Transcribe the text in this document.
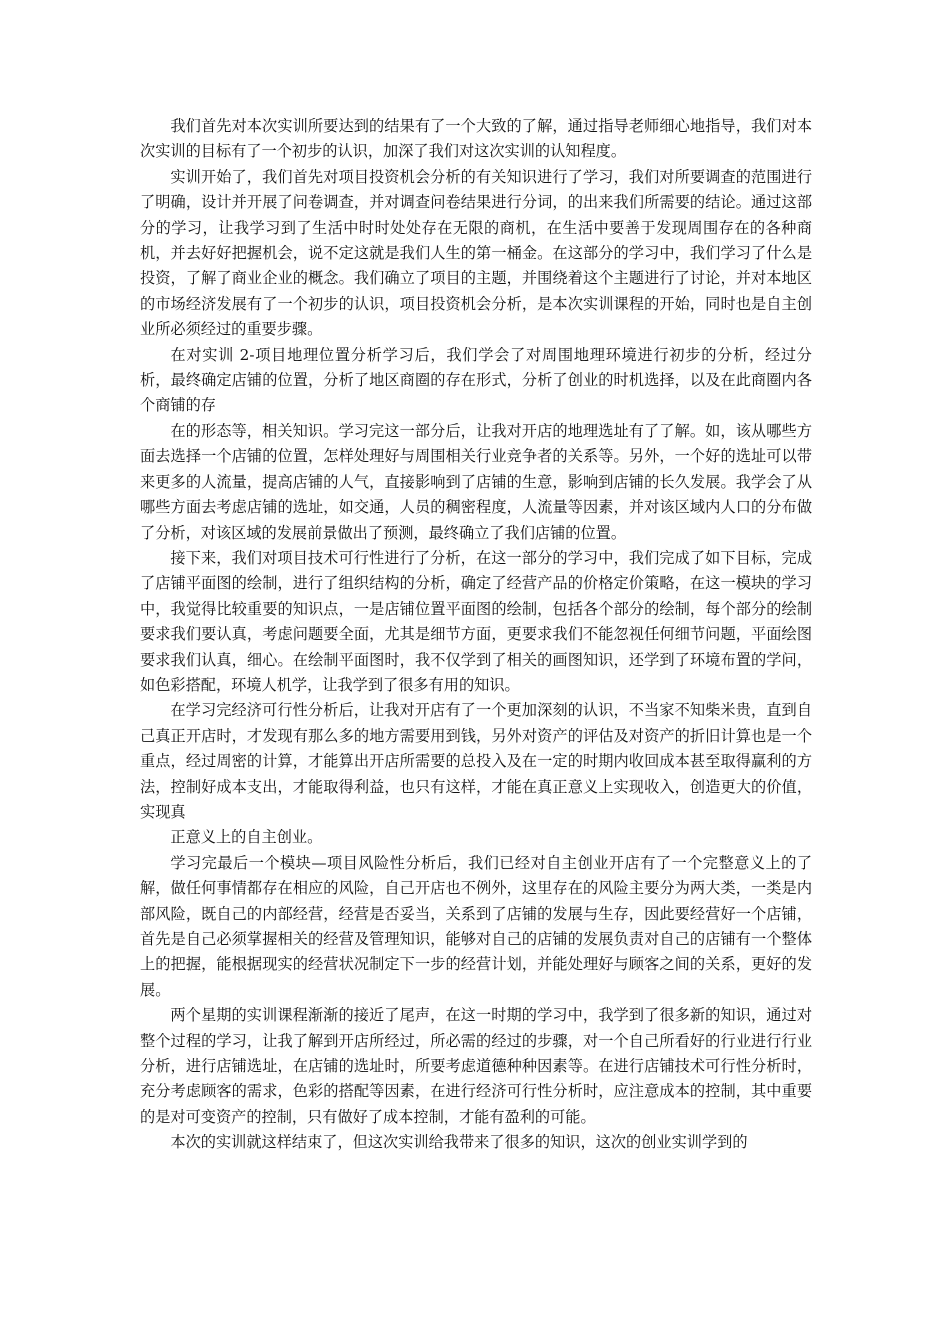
我们首先对本次实训所要达到的结果有了一个大致的了解，通过指导老师细心地指导，我们对本次实训的目标有了一个初步的认识，加深了我们对这次实训的认知程度。

实训开始了，我们首先对项目投资机会分析的有关知识进行了学习，我们对所要调查的范围进行了明确，设计并开展了问卷调查，并对调查问卷结果进行分词，的出来我们所需要的结论。通过这部分的学习，让我学习到了生活中时时处处存在无限的商机，在生活中要善于发现周围存在的各种商机，并去好好把握机会，说不定这就是我们人生的第一桶金。在这部分的学习中，我们学习了什么是投资，了解了商业企业的概念。我们确立了项目的主题，并围绕着这个主题进行了讨论，并对本地区的市场经济发展有了一个初步的认识，项目投资机会分析，是本次实训课程的开始，同时也是自主创业所必须经过的重要步骤。

在对实训 2-项目地理位置分析学习后，我们学会了对周围地理环境进行初步的分析，经过分析，最终确定店铺的位置，分析了地区商圈的存在形式，分析了创业的时机选择，以及在此商圈内各个商铺的存

在的形态等，相关知识。学习完这一部分后，让我对开店的地理选址有了了解。如，该从哪些方面去选择一个店铺的位置，怎样处理好与周围相关行业竞争者的关系等。另外，一个好的选址可以带来更多的人流量，提高店铺的人气，直接影响到了店铺的生意，影响到店铺的长久发展。我学会了从哪些方面去考虑店铺的选址，如交通，人员的稠密程度，人流量等因素，并对该区域内人口的分布做了分析，对该区域的发展前景做出了预测，最终确立了我们店铺的位置。

接下来，我们对项目技术可行性进行了分析，在这一部分的学习中，我们完成了如下目标，完成了店铺平面图的绘制，进行了组织结构的分析，确定了经营产品的价格定价策略，在这一模块的学习中，我觉得比较重要的知识点，一是店铺位置平面图的绘制，包括各个部分的绘制，每个部分的绘制要求我们要认真，考虑问题要全面，尤其是细节方面，更要求我们不能忽视任何细节问题，平面绘图要求我们认真，细心。在绘制平面图时，我不仅学到了相关的画图知识，还学到了环境布置的学问，如色彩搭配，环境人机学，让我学到了很多有用的知识。

在学习完经济可行性分析后，让我对开店有了一个更加深刻的认识，不当家不知柴米贵，直到自己真正开店时，才发现有那么多的地方需要用到钱，另外对资产的评估及对资产的折旧计算也是一个重点，经过周密的计算，才能算出开店所需要的总投入及在一定的时期内收回成本甚至取得赢利的方法，控制好成本支出，才能取得利益，也只有这样，才能在真正意义上实现收入，创造更大的价值，实现真

正意义上的自主创业。

学习完最后一个模块—项目风险性分析后，我们已经对自主创业开店有了一个完整意义上的了解，做任何事情都存在相应的风险，自己开店也不例外，这里存在的风险主要分为两大类，一类是内部风险，既自己的内部经营，经营是否妥当，关系到了店铺的发展与生存，因此要经营好一个店铺，首先是自己必须掌握相关的经营及管理知识，能够对自己的店铺的发展负责对自己的店铺有一个整体上的把握，能根据现实的经营状况制定下一步的经营计划，并能处理好与顾客之间的关系，更好的发展。

两个星期的实训课程渐渐的接近了尾声，在这一时期的学习中，我学到了很多新的知识，通过对整个过程的学习，让我了解到开店所经过，所必需的经过的步骤，对一个自己所看好的行业进行行业分析，进行店铺选址，在店铺的选址时，所要考虑道德种种因素等。在进行店铺技术可行性分析时，充分考虑顾客的需求，色彩的搭配等因素，在进行经济可行性分析时，应注意成本的控制，其中重要的是对可变资产的控制，只有做好了成本控制，才能有盈利的可能。

本次的实训就这样结束了，但这次实训给我带来了很多的知识，这次的创业实训学到的
